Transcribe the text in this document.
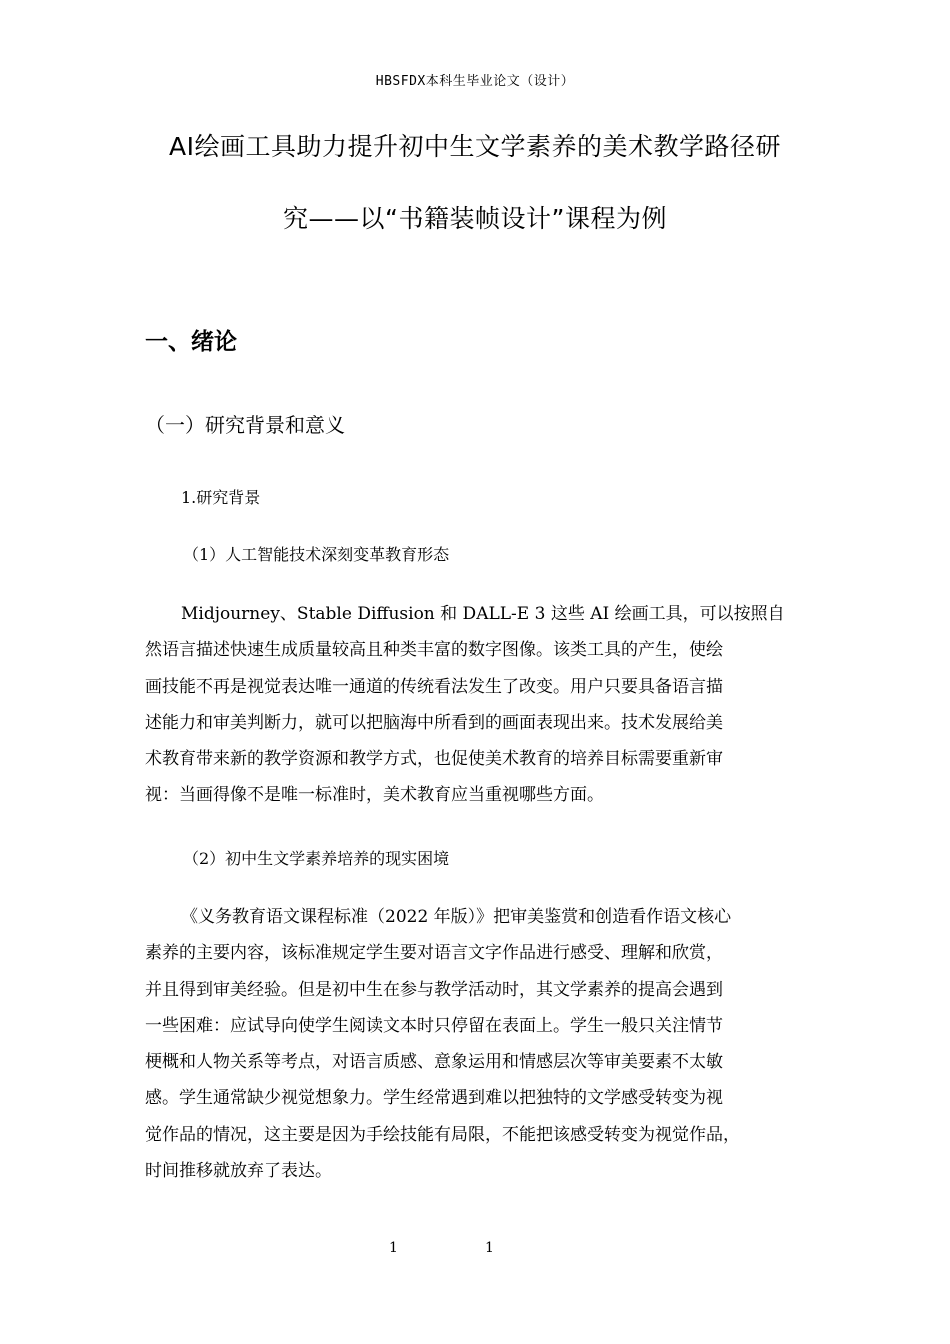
HBSFDX本科生毕业论文（设计）
AI绘画工具助力提升初中生文学素养的美术教学路径研
究——以“书籍装帧设计”课程为例
一、绪论
（一）研究背景和意义
1.研究背景
（1）人工智能技术深刻变革教育形态

Midjourney、Stable Diffusion 和 DALL-E 3 这些 AI 绘画工具，可以按照自

然语言描述快速生成质量较高且种类丰富的数字图像。该类工具的产生，使绘

画技能不再是视觉表达唯一通道的传统看法发生了改变。用户只要具备语言描

述能力和审美判断力，就可以把脑海中所看到的画面表现出来。技术发展给美

术教育带来新的教学资源和教学方式，也促使美术教育的培养目标需要重新审

视：当画得像不是唯一标准时，美术教育应当重视哪些方面。

（2）初中生文学素养培养的现实困境

《义务教育语文课程标准（2022 年版）》把审美鉴赏和创造看作语文核心

素养的主要内容，该标准规定学生要对语言文字作品进行感受、理解和欣赏，

并且得到审美经验。但是初中生在参与教学活动时，其文学素养的提高会遇到

一些困难：应试导向使学生阅读文本时只停留在表面上。学生一般只关注情节

梗概和人物关系等考点，对语言质感、意象运用和情感层次等审美要素不太敏

感。学生通常缺少视觉想象力。学生经常遇到难以把独特的文学感受转变为视

觉作品的情况，这主要是因为手绘技能有局限，不能把该感受转变为视觉作品，

时间推移就放弃了表达。

1	1
